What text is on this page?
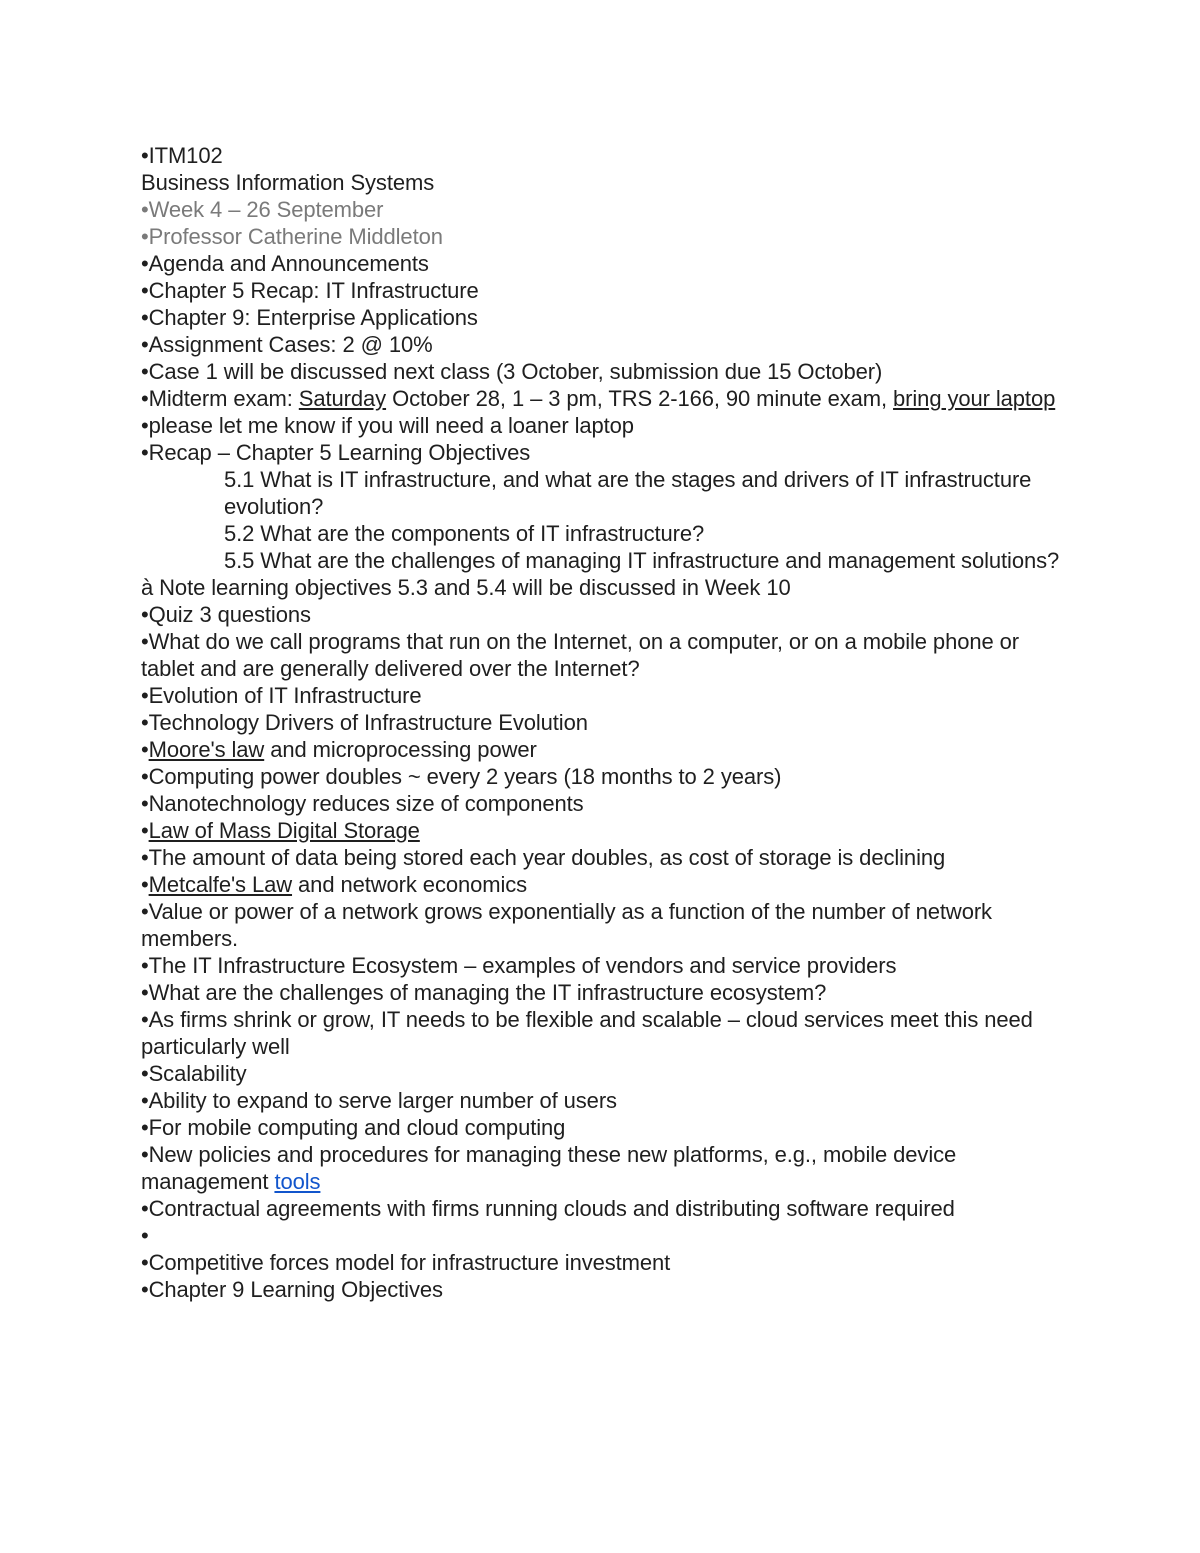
•ITM102
Business Information Systems
•Week 4 – 26 September
•Professor Catherine Middleton
•Agenda and Announcements
•Chapter 5 Recap: IT Infrastructure
•Chapter 9: Enterprise Applications
•Assignment Cases: 2 @ 10%
•Case 1 will be discussed next class (3 October, submission due 15 October)
•Midterm exam: Saturday October 28, 1 – 3 pm, TRS 2-166, 90 minute exam, bring your laptop
•please let me know if you will need a loaner laptop
•Recap – Chapter 5 Learning Objectives
5.1 What is IT infrastructure, and what are the stages and drivers of IT infrastructure evolution?
5.2 What are the components of IT infrastructure?
5.5 What are the challenges of managing IT infrastructure and management solutions?
à Note learning objectives 5.3 and 5.4 will be discussed in Week 10
•Quiz 3 questions
•What do we call programs that run on the Internet, on a computer, or on a mobile phone or tablet and are generally delivered over the Internet?
•Evolution of IT Infrastructure
•Technology Drivers of Infrastructure Evolution
•Moore's law and microprocessing power
•Computing power doubles ~ every 2 years (18 months to 2 years)
•Nanotechnology reduces size of components
•Law of Mass Digital Storage
•The amount of data being stored each year doubles, as cost of storage is declining
•Metcalfe's Law and network economics
•Value or power of a network grows exponentially as a function of the number of network members.
•The IT Infrastructure Ecosystem – examples of vendors and service providers
•What are the challenges of managing the IT infrastructure ecosystem?
•As firms shrink or grow, IT needs to be flexible and scalable – cloud services meet this need particularly well
•Scalability
•Ability to expand to serve larger number of users
•For mobile computing and cloud computing
•New policies and procedures for managing these new platforms, e.g., mobile device management tools
•Contractual agreements with firms running clouds and distributing software required
•
•Competitive forces model for infrastructure investment
•Chapter 9 Learning Objectives
